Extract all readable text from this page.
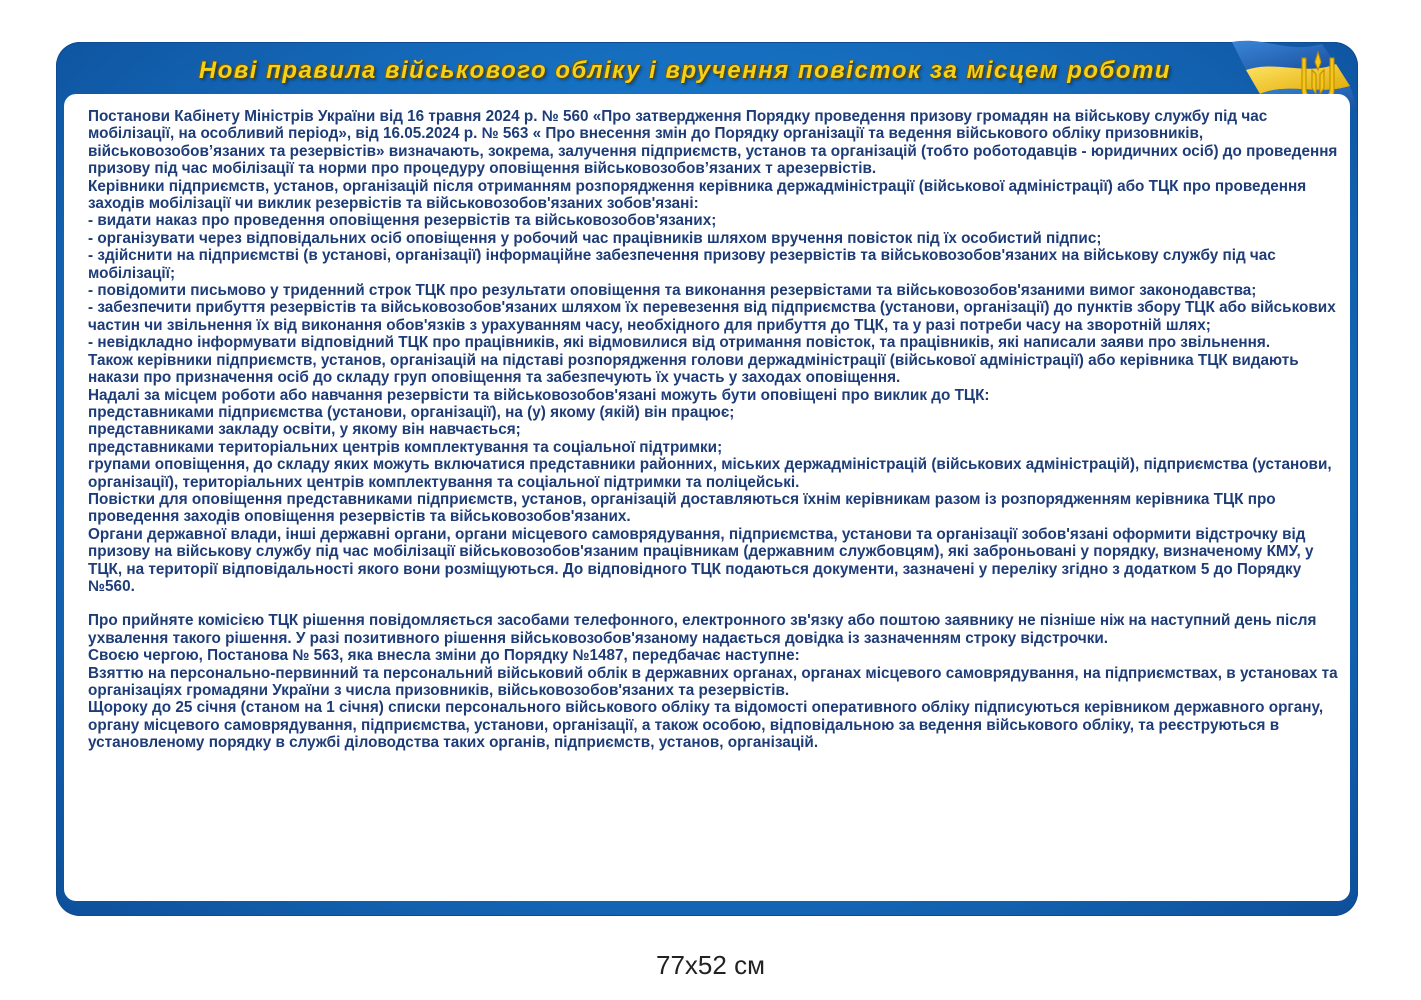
Нові правила військового обліку і вручення повісток за місцем роботи

Постанови Кабінету Міністрів України від 16 травня 2024 р. № 560 «Про затвердження Порядку проведення призову громадян на військову службу під час мобілізації, на особливий період», від 16.05.2024 р. № 563 « Про внесення змін до Порядку організації та ведення військового обліку призовників, військовозобов’язаних та резервістів» визначають, зокрема, залучення підприємств, установ та організацій (тобто роботодавців - юридичних осіб) до проведення призову під час мобілізації та норми про процедуру оповіщення військовозобов’язаних т арезервістів.

Керівники підприємств, установ, організацій після отриманням розпорядження керівника держадміністрації (військової адміністрації) або ТЦК про проведення заходів мобілізації чи виклик резервістів та військовозобов'язаних зобов'язані:

- видати наказ про проведення оповіщення резервістів та військовозобов'язаних;

- організувати через відповідальних осіб оповіщення у робочий час працівників шляхом вручення повісток під їх особистий підпис;

- здійснити на підприємстві (в установі, організації) інформаційне забезпечення призову резервістів та військовозобов'язаних на військову службу під час мобілізації;

- повідомити письмово у триденний строк ТЦК про результати оповіщення та виконання резервістами та військовозобов'язаними вимог законодавства;

- забезпечити прибуття резервістів та військовозобов'язаних шляхом їх перевезення від підприємства (установи, організації) до пунктів збору ТЦК або військових частин чи звільнення їх від виконання обов'язків з урахуванням часу, необхідного для прибуття до ТЦК, та у разі потреби часу на зворотній шлях;

- невідкладно інформувати відповідний ТЦК про працівників, які відмовилися від отримання повісток, та працівників, які написали заяви про звільнення.

Також керівники підприємств, установ, організацій на підставі розпорядження голови держадміністрації (військової адміністрації) або керівника ТЦК видають накази про призначення осіб до складу груп оповіщення та забезпечують їх участь у заходах оповіщення.

Надалі за місцем роботи або навчання резервісти та військовозобов'язані можуть бути оповіщені про виклик до ТЦК:

представниками підприємства (установи, організації), на (у) якому (якій) він працює;

представниками закладу освіти, у якому він навчається;

представниками територіальних центрів комплектування та соціальної підтримки;

групами оповіщення, до складу яких можуть включатися представники районних, міських держадміністрацій (військових адміністрацій), підприємства (установи, організації), територіальних центрів комплектування та соціальної підтримки та поліцейські.

Повістки для оповіщення представниками підприємств, установ, організацій доставляються їхнім керівникам разом із розпорядженням керівника ТЦК про проведення заходів оповіщення резервістів та військовозобов'язаних.

Органи державної влади, інші державні органи, органи місцевого самоврядування, підприємства, установи та організації зобов'язані оформити відстрочку від призову на військову службу під час мобілізації військовозобов'язаним працівникам (державним службовцям), які заброньовані у порядку, визначеному КМУ, у ТЦК, на території відповідальності якого вони розміщуються. До відповідного ТЦК подаються документи, зазначені у переліку згідно з додатком 5 до Порядку №560.

Про прийняте комісією ТЦК рішення повідомляється засобами телефонного, електронного зв'язку або поштою заявнику не пізніше ніж на наступний день після ухвалення такого рішення. У разі позитивного рішення військовозобов'язаному надається довідка із зазначенням строку відстрочки.

Своєю чергою, Постанова № 563, яка внесла зміни до Порядку №1487, передбачає наступне:

Взяттю на персонально-первинний та персональний військовий облік в державних органах, органах місцевого самоврядування, на підприємствах, в установах та організаціях громадяни України з числа призовників, військовозобов'язаних та резервістів.

Щороку до 25 січня (станом на 1 січня) списки персонального військового обліку та відомості оперативного обліку підписуються керівником державного органу, органу місцевого самоврядування, підприємства, установи, організації, а також особою, відповідальною за ведення військового обліку, та реєструються в установленому порядку в службі діловодства таких органів, підприємств, установ, організацій.

77x52 см
